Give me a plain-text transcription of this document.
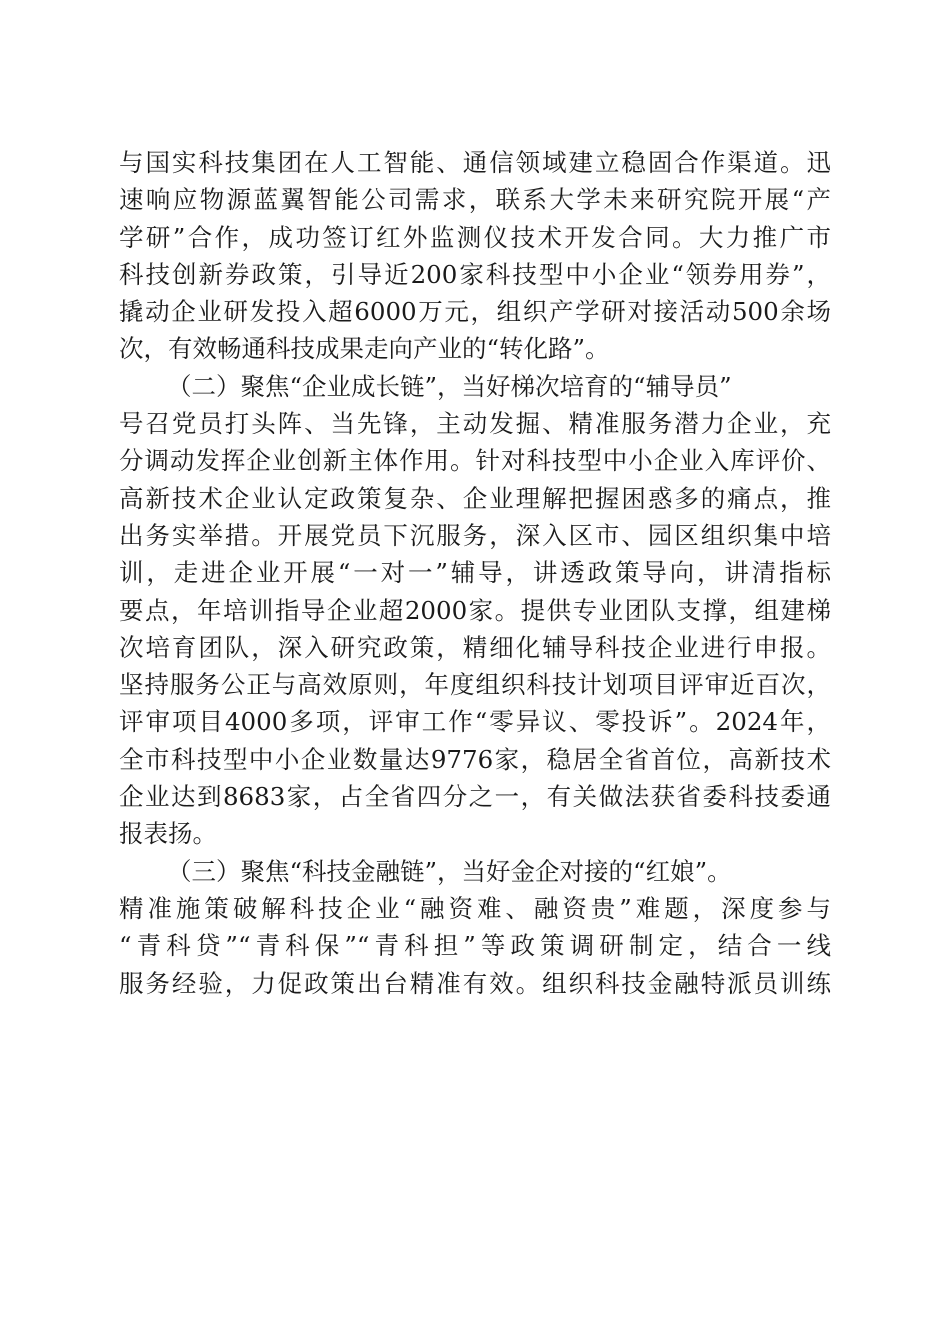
与国实科技集团在人工智能、通信领域建立稳固合作渠道。迅
速响应物源蓝翼智能公司需求，联系大学未来研究院开展“产
学研”合作，成功签订红外监测仪技术开发合同。大力推广市
科技创新券政策，引导近200家科技型中小企业“领券用券”，
撬动企业研发投入超6000万元，组织产学研对接活动500余场
次，有效畅通科技成果走向产业的“转化路”。
（二）聚焦“企业成长链”，当好梯次培育的“辅导员”
号召党员打头阵、当先锋，主动发掘、精准服务潜力企业，充
分调动发挥企业创新主体作用。针对科技型中小企业入库评价、
高新技术企业认定政策复杂、企业理解把握困惑多的痛点，推
出务实举措。开展党员下沉服务，深入区市、园区组织集中培
训，走进企业开展“一对一”辅导，讲透政策导向，讲清指标
要点，年培训指导企业超2000家。提供专业团队支撑，组建梯
次培育团队，深入研究政策，精细化辅导科技企业进行申报。
坚持服务公正与高效原则，年度组织科技计划项目评审近百次，
评审项目4000多项，评审工作“零异议、零投诉”。2024年，
全市科技型中小企业数量达9776家，稳居全省首位，高新技术
企业达到8683家，占全省四分之一，有关做法获省委科技委通
报表扬。
（三）聚焦“科技金融链”，当好金企对接的“红娘”。
精准施策破解科技企业“融资难、融资贵”难题，深度参与
“青科贷”“青科保”“青科担”等政策调研制定，结合一线
服务经验，力促政策出台精准有效。组织科技金融特派员训练
